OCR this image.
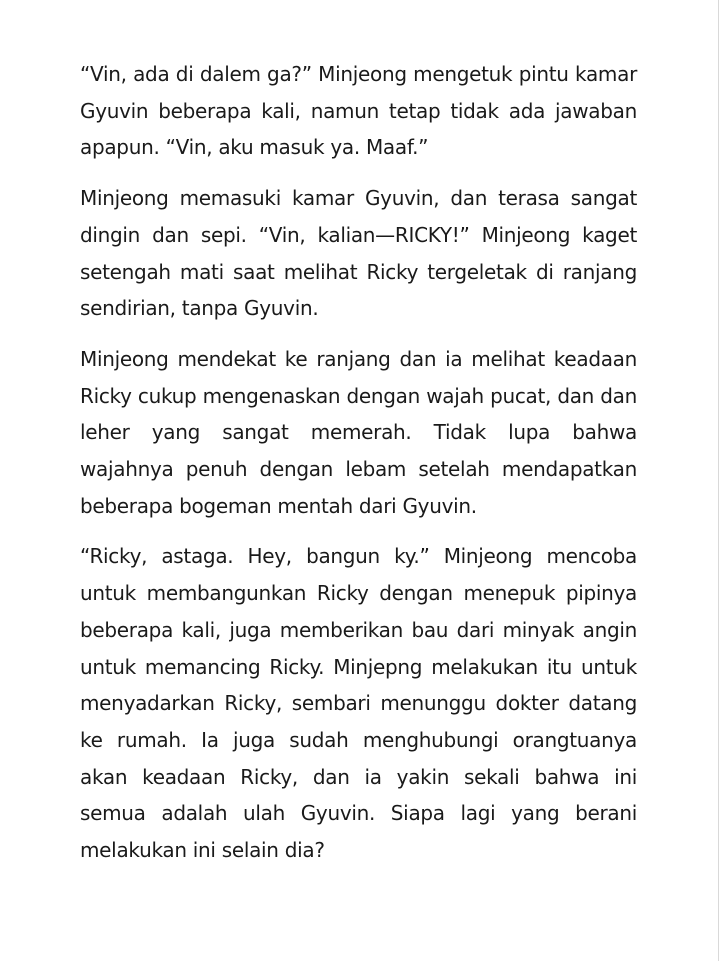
“Vin, ada di dalem ga?” Minjeong mengetuk pintu kamar Gyuvin beberapa kali, namun tetap tidak ada jawaban apapun. “Vin, aku masuk ya. Maaf.”

Minjeong memasuki kamar Gyuvin, dan terasa sangat dingin dan sepi. “Vin, kalian—RICKY!” Minjeong kaget setengah mati saat melihat Ricky tergeletak di ranjang sendirian, tanpa Gyuvin.

Minjeong mendekat ke ranjang dan ia melihat keadaan Ricky cukup mengenaskan dengan wajah pucat, dan dan leher yang sangat memerah. Tidak lupa bahwa wajahnya penuh dengan lebam setelah mendapatkan beberapa bogeman mentah dari Gyuvin.

“Ricky, astaga. Hey, bangun ky.” Minjeong mencoba untuk membangunkan Ricky dengan menepuk pipinya beberapa kali, juga memberikan bau dari minyak angin untuk memancing Ricky. Minjepng melakukan itu untuk menyadarkan Ricky, sembari menunggu dokter datang ke rumah. Ia juga sudah menghubungi orangtuanya akan keadaan Ricky, dan ia yakin sekali bahwa ini semua adalah ulah Gyuvin. Siapa lagi yang berani melakukan ini selain dia?
